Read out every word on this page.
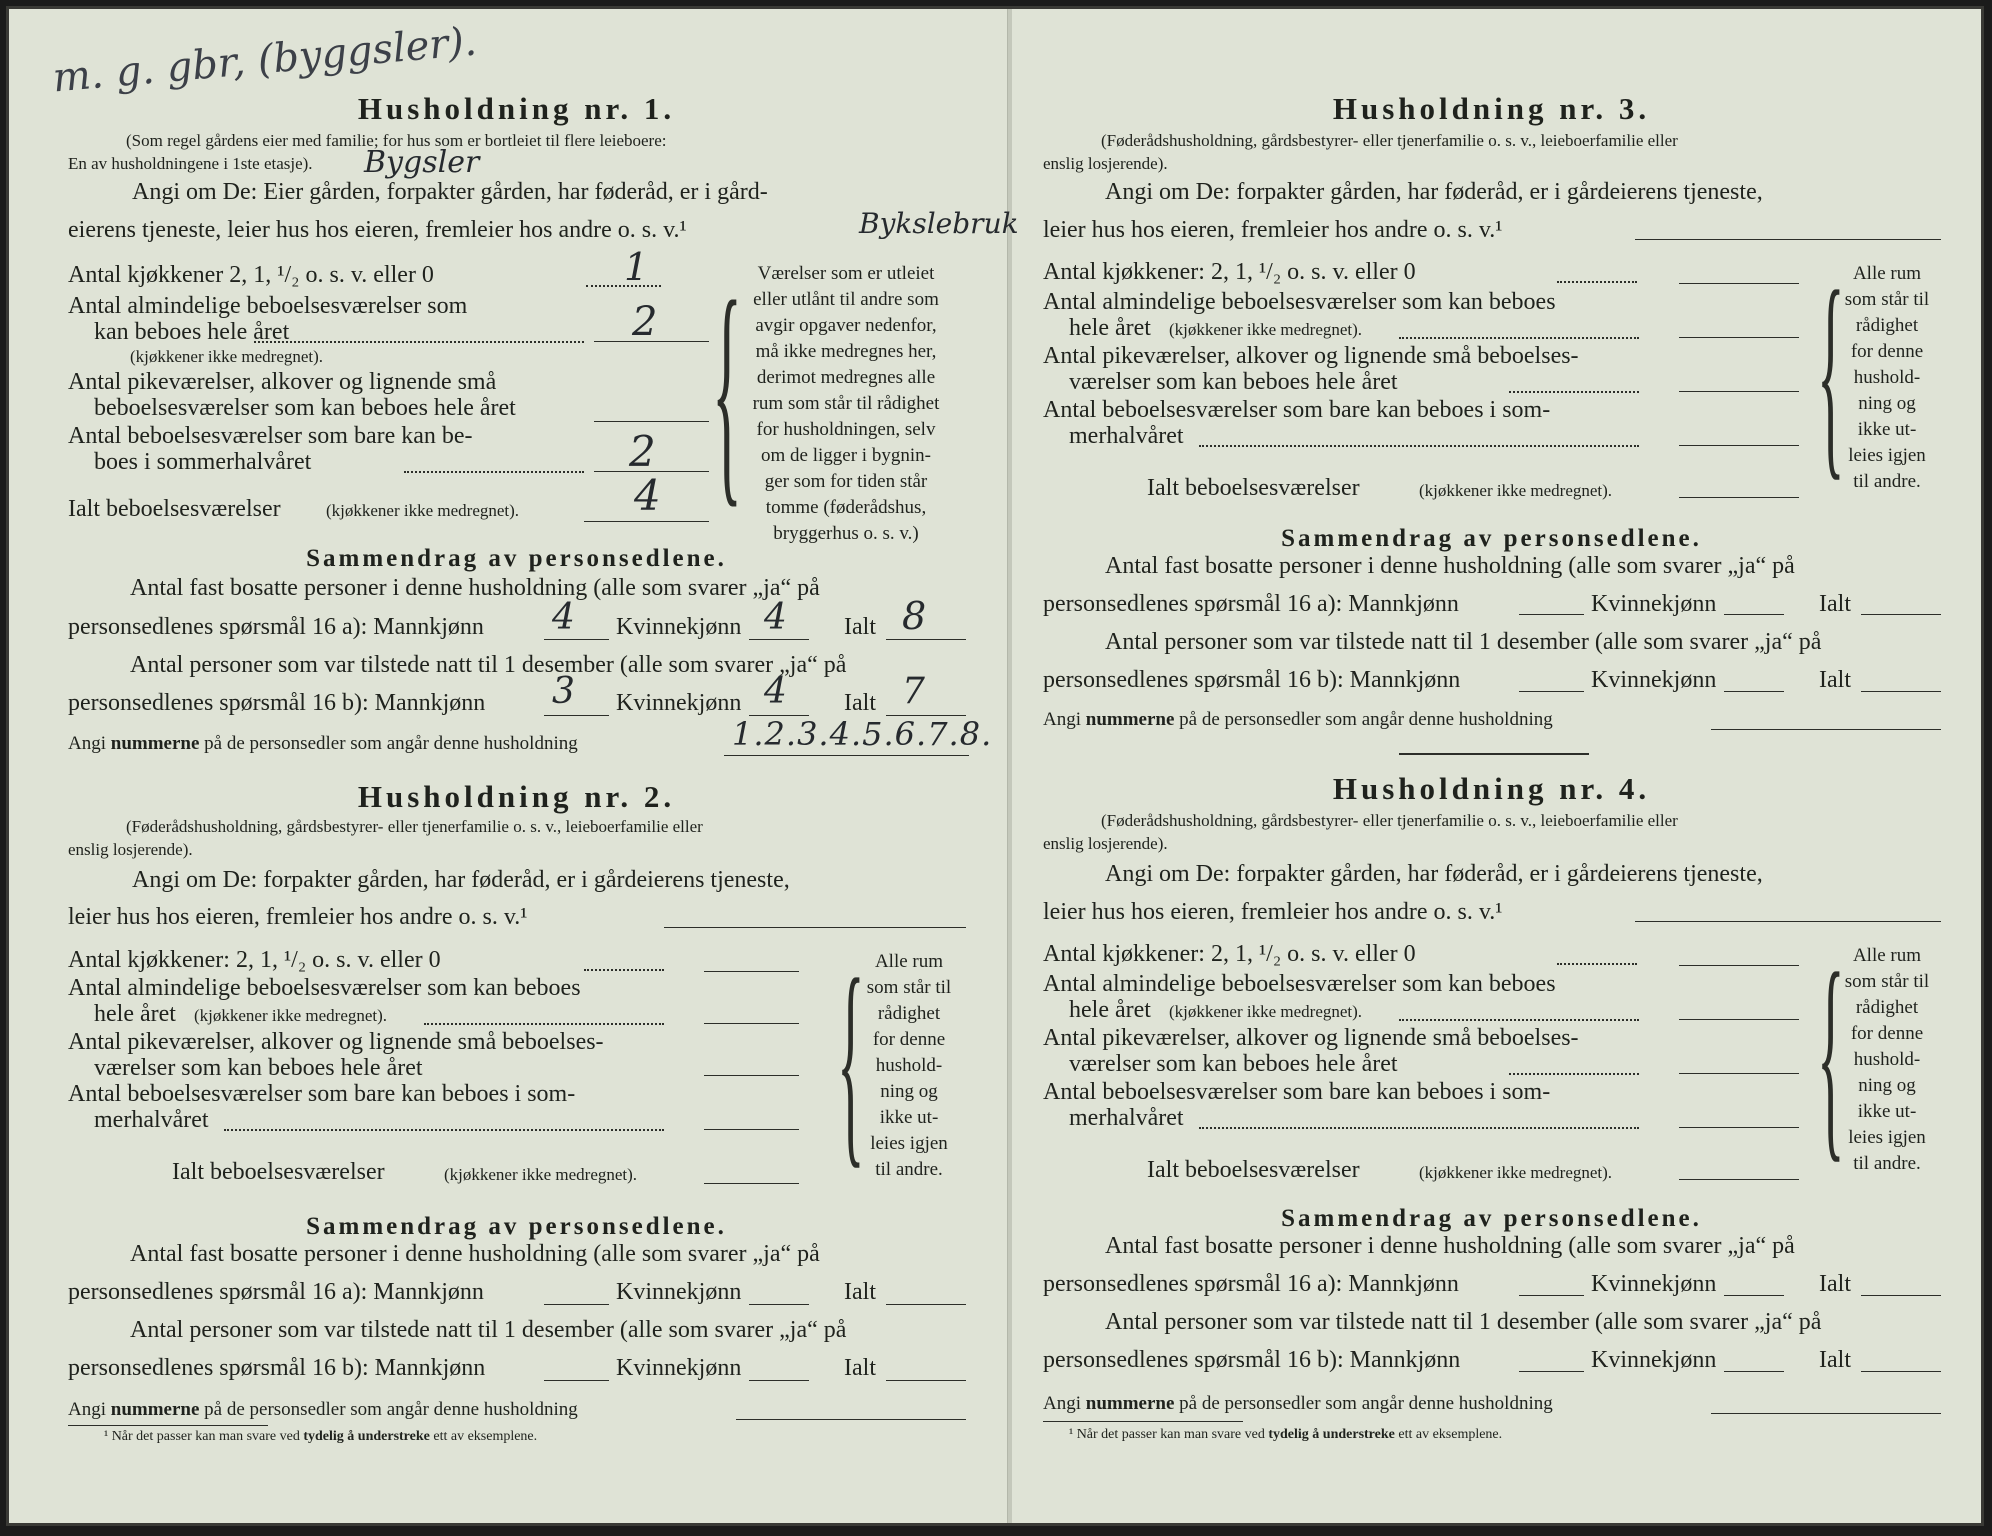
m. g. gbr, (byggsler).
Husholdning nr. 1.
(Som regel gårdens eier med familie; for hus som er bortleiet til flere leieboere:
En av husholdningene i 1ste etasje). Bygsler
Angi om De: Eier gården, forpakter gården, har føderåd, er i gård-
eierens tjeneste, leier hus hos eieren, fremleier hos andre o. s. v.¹	Bykslebruk
Antal kjøkkener 2, 1, ¹/₂ o. s. v. eller 0	1
Antal almindelige beboelsesværelser som
kan beboes hele året	2
(kjøkkener ikke medregnet).
Antal pikeværelser, alkover og lignende små
beboelsesværelser som kan beboes hele året
Antal beboelsesværelser som bare kan be-
boes i sommerhalvåret	2
Ialt beboelsesværelser	(kjøkkener ikke medregnet).	4 { Værelser som er utleiet
eller utlånt til andre som
avgir opgaver nedenfor,
må ikke medregnes her,
derimot medregnes alle
rum som står til rådighet
for husholdningen, selv
om de ligger i bygnin-
ger som for tiden står
tomme (føderådshus,
bryggerhus o. s. v.)
Sammendrag av personsedlene.
Antal fast bosatte personer i denne husholdning (alle som svarer „ja“ på
personsedlenes spørsmål 16 a): Mannkjønn 4 Kvinnekjønn 4 Ialt 8
Antal personer som var tilstede natt til 1 desember (alle som svarer „ja“ på
personsedlenes spørsmål 16 b): Mannkjønn 3 Kvinnekjønn 4 Ialt 7
Angi nummerne på de personsedler som angår denne husholdning	1.2.3.4.5.6.7.8.
Husholdning nr. 2.
(Føderådshusholdning, gårdsbestyrer- eller tjenerfamilie o. s. v., leieboerfamilie eller
enslig losjerende).
Angi om De: forpakter gården, har føderåd, er i gårdeierens tjeneste,
leier hus hos eieren, fremleier hos andre o. s. v.¹
Antal kjøkkener: 2, 1, ¹/₂ o. s. v. eller 0
Antal almindelige beboelsesværelser som kan beboes
hele året (kjøkkener ikke medregnet).
Antal pikeværelser, alkover og lignende små beboelses-
værelser som kan beboes hele året
Antal beboelsesværelser som bare kan beboes i som-
merhalvåret
Ialt beboelsesværelser	(kjøkkener ikke medregnet). { Alle rum
som står til
rådighet
for denne
hushold-
ning og
ikke ut-
leies igjen
til andre.
Sammendrag av personsedlene.
Antal fast bosatte personer i denne husholdning (alle som svarer „ja“ på
personsedlenes spørsmål 16 a): Mannkjønn	Kvinnekjønn	Ialt
Antal personer som var tilstede natt til 1 desember (alle som svarer „ja“ på
personsedlenes spørsmål 16 b): Mannkjønn	Kvinnekjønn	Ialt
Angi nummerne på de personsedler som angår denne husholdning
¹ Når det passer kan man svare ved tydelig å understreke ett av eksemplene.
Husholdning nr. 3.
(Føderådshusholdning, gårdsbestyrer- eller tjenerfamilie o. s. v., leieboerfamilie eller
enslig losjerende).
Angi om De: forpakter gården, har føderåd, er i gårdeierens tjeneste,
leier hus hos eieren, fremleier hos andre o. s. v.¹
Antal kjøkkener: 2, 1, ¹/₂ o. s. v. eller 0
Antal almindelige beboelsesværelser som kan beboes
hele året (kjøkkener ikke medregnet).
Antal pikeværelser, alkover og lignende små beboelses-
værelser som kan beboes hele året
Antal beboelsesværelser som bare kan beboes i som-
merhalvåret
Ialt beboelsesværelser	(kjøkkener ikke medregnet). { Alle rum
som står til
rådighet
for denne
hushold-
ning og
ikke ut-
leies igjen
til andre.
Sammendrag av personsedlene.
Antal fast bosatte personer i denne husholdning (alle som svarer „ja“ på
personsedlenes spørsmål 16 a): Mannkjønn	Kvinnekjønn	Ialt
Antal personer som var tilstede natt til 1 desember (alle som svarer „ja“ på
personsedlenes spørsmål 16 b): Mannkjønn	Kvinnekjønn	Ialt
Angi nummerne på de personsedler som angår denne husholdning
Husholdning nr. 4.
(Føderådshusholdning, gårdsbestyrer- eller tjenerfamilie o. s. v., leieboerfamilie eller
enslig losjerende).
Angi om De: forpakter gården, har føderåd, er i gårdeierens tjeneste,
leier hus hos eieren, fremleier hos andre o. s. v.¹
Antal kjøkkener: 2, 1, ¹/₂ o. s. v. eller 0
Antal almindelige beboelsesværelser som kan beboes
hele året (kjøkkener ikke medregnet).
Antal pikeværelser, alkover og lignende små beboelses-
værelser som kan beboes hele året
Antal beboelsesværelser som bare kan beboes i som-
merhalvåret
Ialt beboelsesværelser	(kjøkkener ikke medregnet). { Alle rum
som står til
rådighet
for denne
hushold-
ning og
ikke ut-
leies igjen
til andre.
Sammendrag av personsedlene.
Antal fast bosatte personer i denne husholdning (alle som svarer „ja“ på
personsedlenes spørsmål 16 a): Mannkjønn	Kvinnekjønn	Ialt
Antal personer som var tilstede natt til 1 desember (alle som svarer „ja“ på
personsedlenes spørsmål 16 b): Mannkjønn	Kvinnekjønn	Ialt
Angi nummerne på de personsedler som angår denne husholdning
¹ Når det passer kan man svare ved tydelig å understreke ett av eksemplene.
